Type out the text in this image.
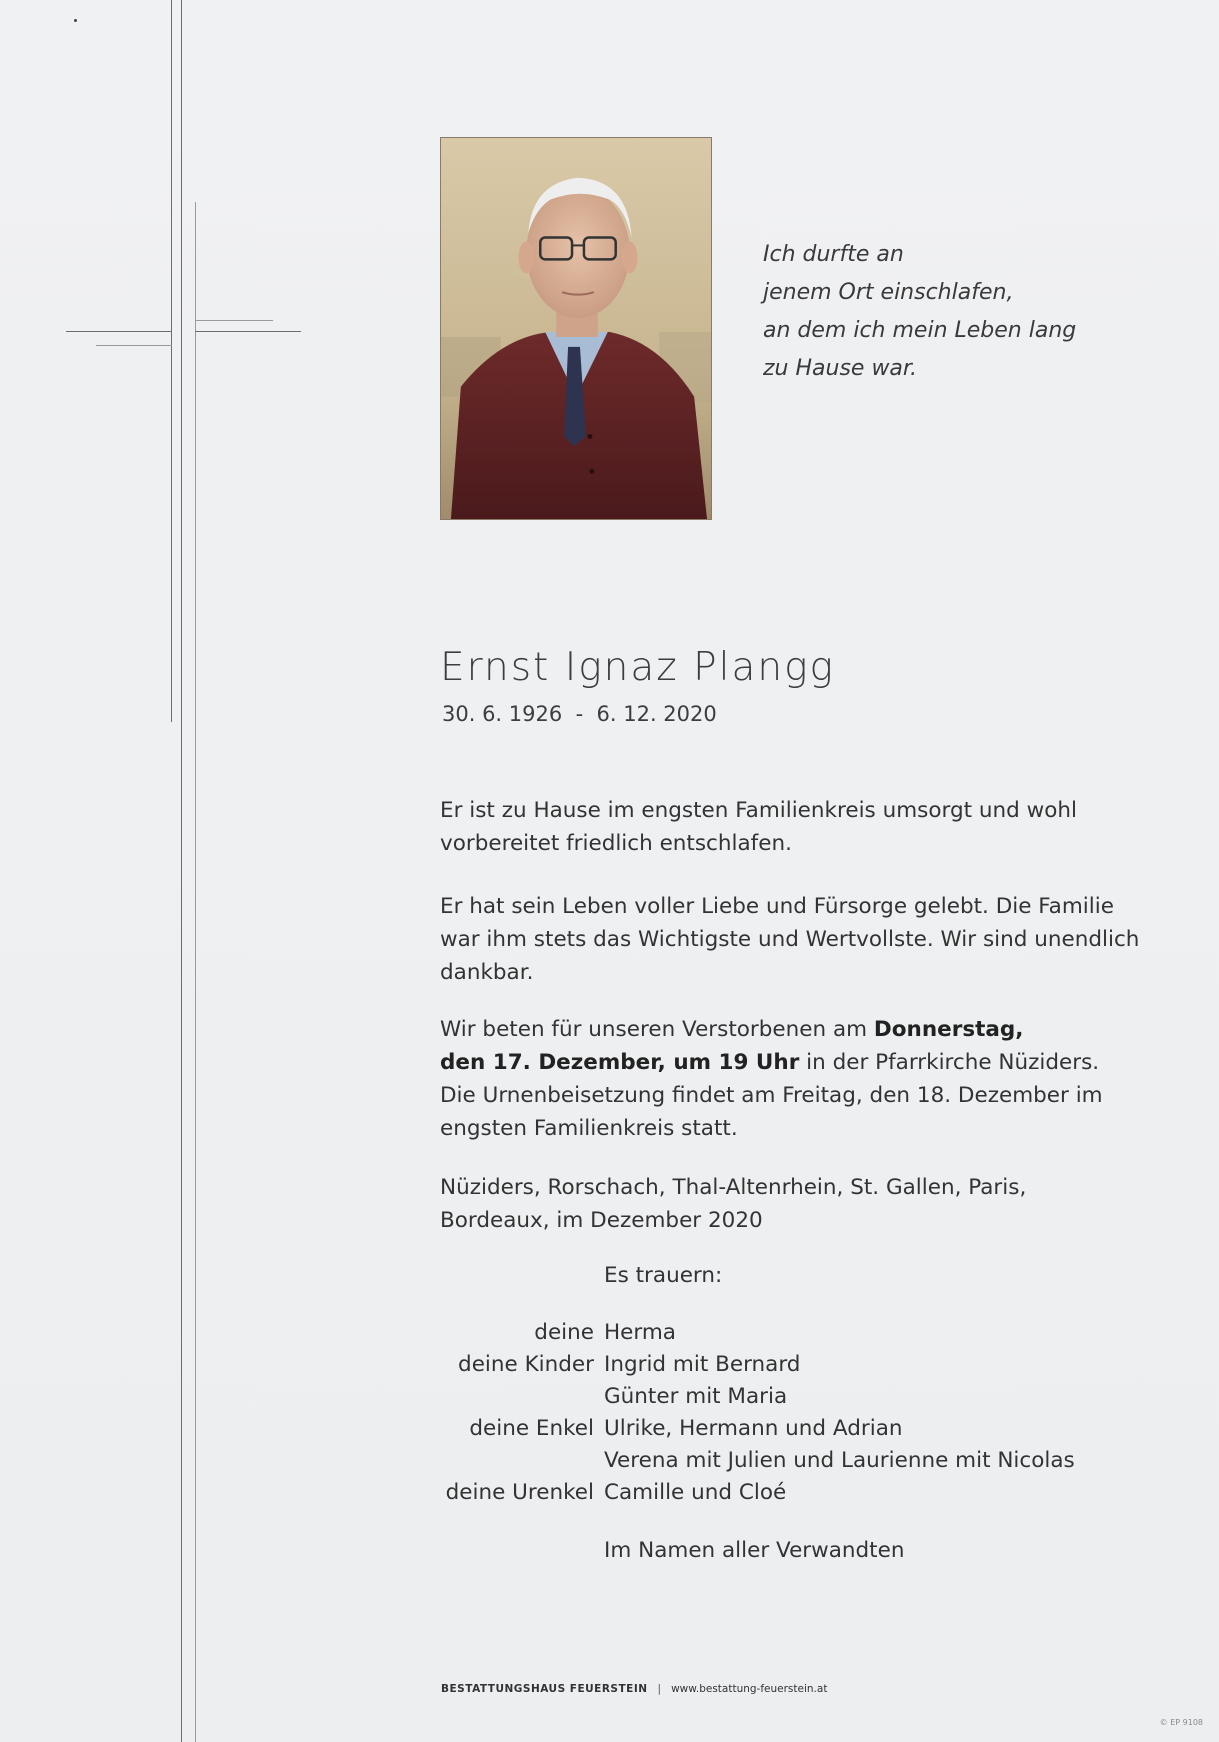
Ich durfte an
jenem Ort einschlafen,
an dem ich mein Leben lang
zu Hause war.
Ernst Ignaz Plangg
30. 6. 1926  -  6. 12. 2020
Er ist zu Hause im engsten Familienkreis umsorgt und wohl
vorbereitet friedlich entschlafen.
Er hat sein Leben voller Liebe und Fürsorge gelebt. Die Familie
war ihm stets das Wichtigste und Wertvollste. Wir sind unendlich
dankbar.
Wir beten für unseren Verstorbenen am Donnerstag,
den 17. Dezember, um 19 Uhr in der Pfarrkirche Nüziders.
Die Urnenbeisetzung findet am Freitag, den 18. Dezember im
engsten Familienkreis statt.
Nüziders, Rorschach, Thal-Altenrhein, St. Gallen, Paris,
Bordeaux, im Dezember 2020
Es trauern:
deine Herma
deine Kinder Ingrid mit Bernard
Günter mit Maria
deine Enkel Ulrike, Hermann und Adrian
Verena mit Julien und Laurienne mit Nicolas
deine Urenkel Camille und Cloé
Im Namen aller Verwandten
BESTATTUNGSHAUS FEUERSTEIN | www.bestattung-feuerstein.at
© EP 9108
